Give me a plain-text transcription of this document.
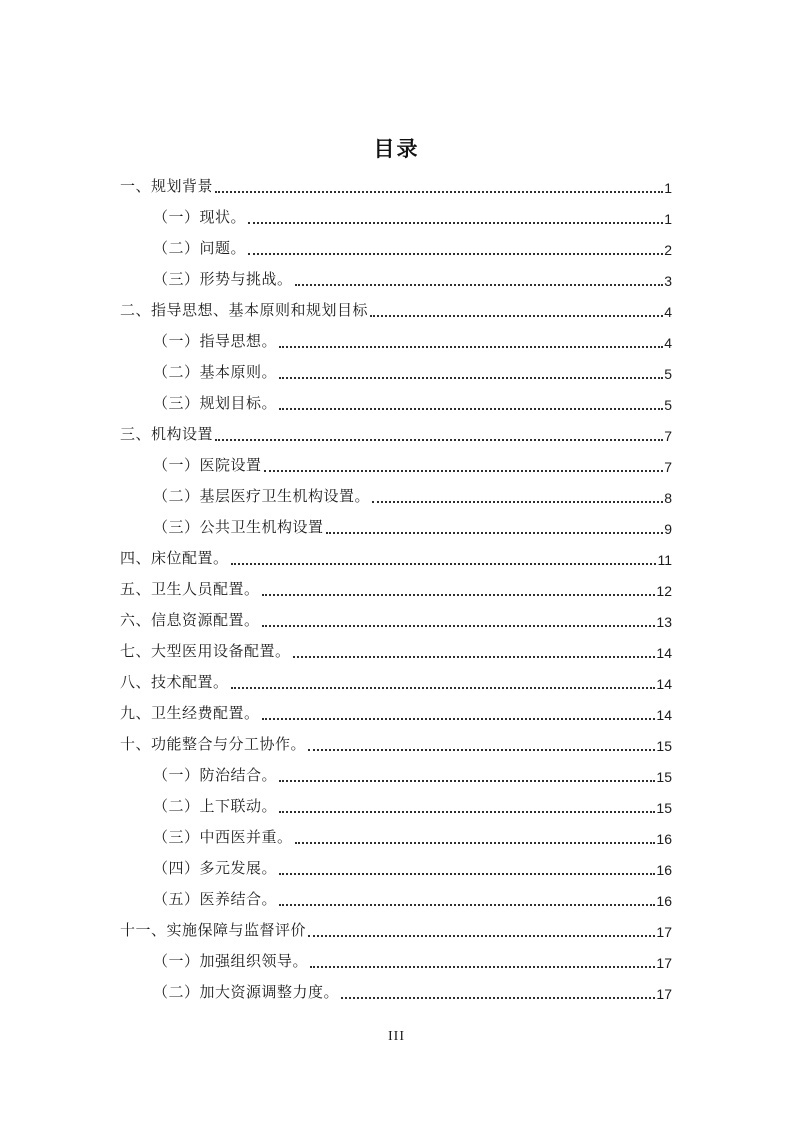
目录
一、规划背景	1
（一）现状。	1
（二）问题。	2
（三）形势与挑战。	3
二、指导思想、基本原则和规划目标	4
（一）指导思想。	4
（二）基本原则。	5
（三）规划目标。	5
三、机构设置	7
（一）医院设置	7
（二）基层医疗卫生机构设置。	8
（三）公共卫生机构设置	9
四、床位配置。	11
五、卫生人员配置。	12
六、信息资源配置。	13
七、大型医用设备配置。	14
八、技术配置。	14
九、卫生经费配置。	14
十、功能整合与分工协作。	15
（一）防治结合。	15
（二）上下联动。	15
（三）中西医并重。	16
（四）多元发展。	16
（五）医养结合。	16
十一、实施保障与监督评价	17
（一）加强组织领导。	17
（二）加大资源调整力度。	17
III
